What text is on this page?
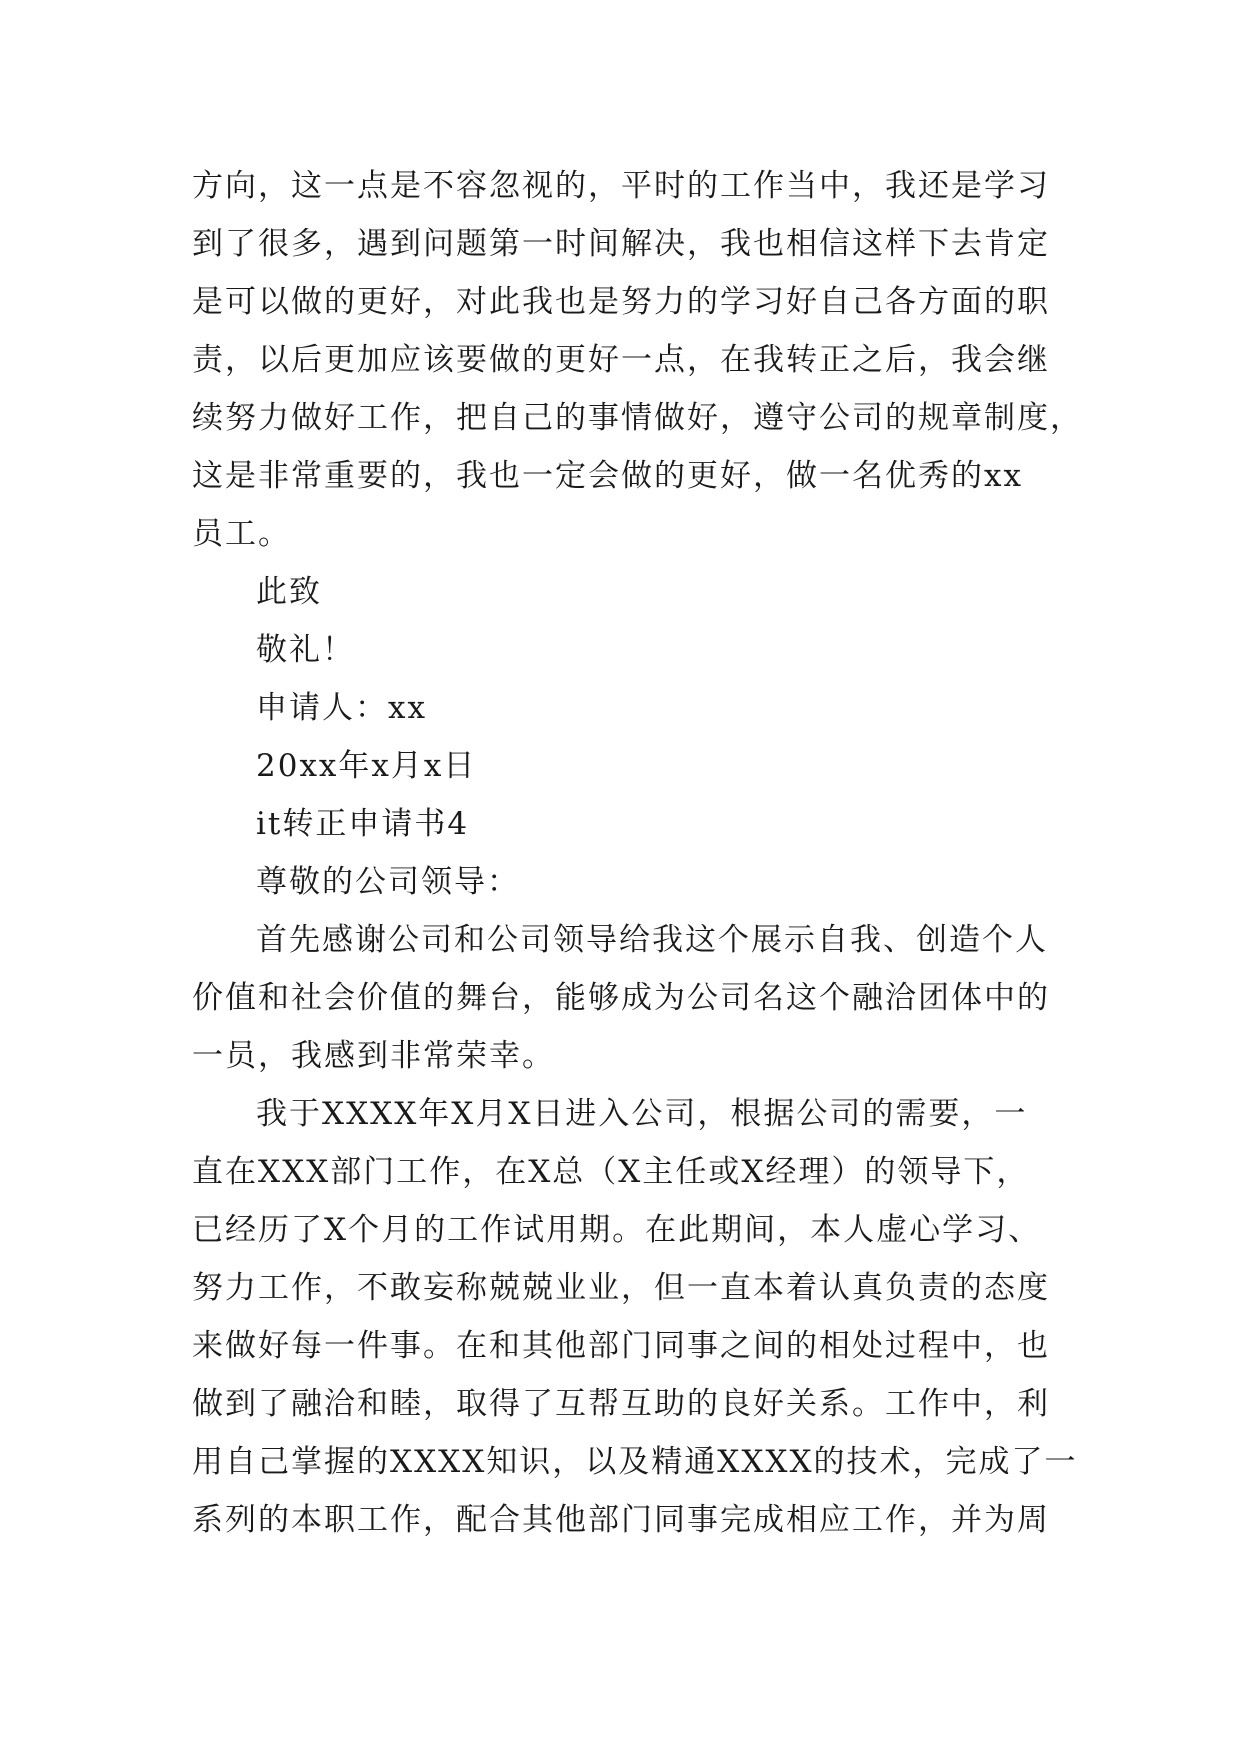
方向，这一点是不容忽视的，平时的工作当中，我还是学习
到了很多，遇到问题第一时间解决，我也相信这样下去肯定
是可以做的更好，对此我也是努力的学习好自己各方面的职
责，以后更加应该要做的更好一点，在我转正之后，我会继
续努力做好工作，把自己的事情做好，遵守公司的规章制度，
这是非常重要的，我也一定会做的更好，做一名优秀的xx
员工。
此致
敬礼！
申请人：xx
20xx年x月x日
it转正申请书4
尊敬的公司领导：
首先感谢公司和公司领导给我这个展示自我、创造个人
价值和社会价值的舞台，能够成为公司名这个融洽团体中的
一员，我感到非常荣幸。
我于XXXX年X月X日进入公司，根据公司的需要，一
直在XXX部门工作，在X总（X主任或X经理）的领导下，
已经历了X个月的工作试用期。在此期间，本人虚心学习、
努力工作，不敢妄称兢兢业业，但一直本着认真负责的态度
来做好每一件事。在和其他部门同事之间的相处过程中，也
做到了融洽和睦，取得了互帮互助的良好关系。工作中，利
用自己掌握的XXXX知识，以及精通XXXX的技术，完成了一
系列的本职工作，配合其他部门同事完成相应工作，并为周
